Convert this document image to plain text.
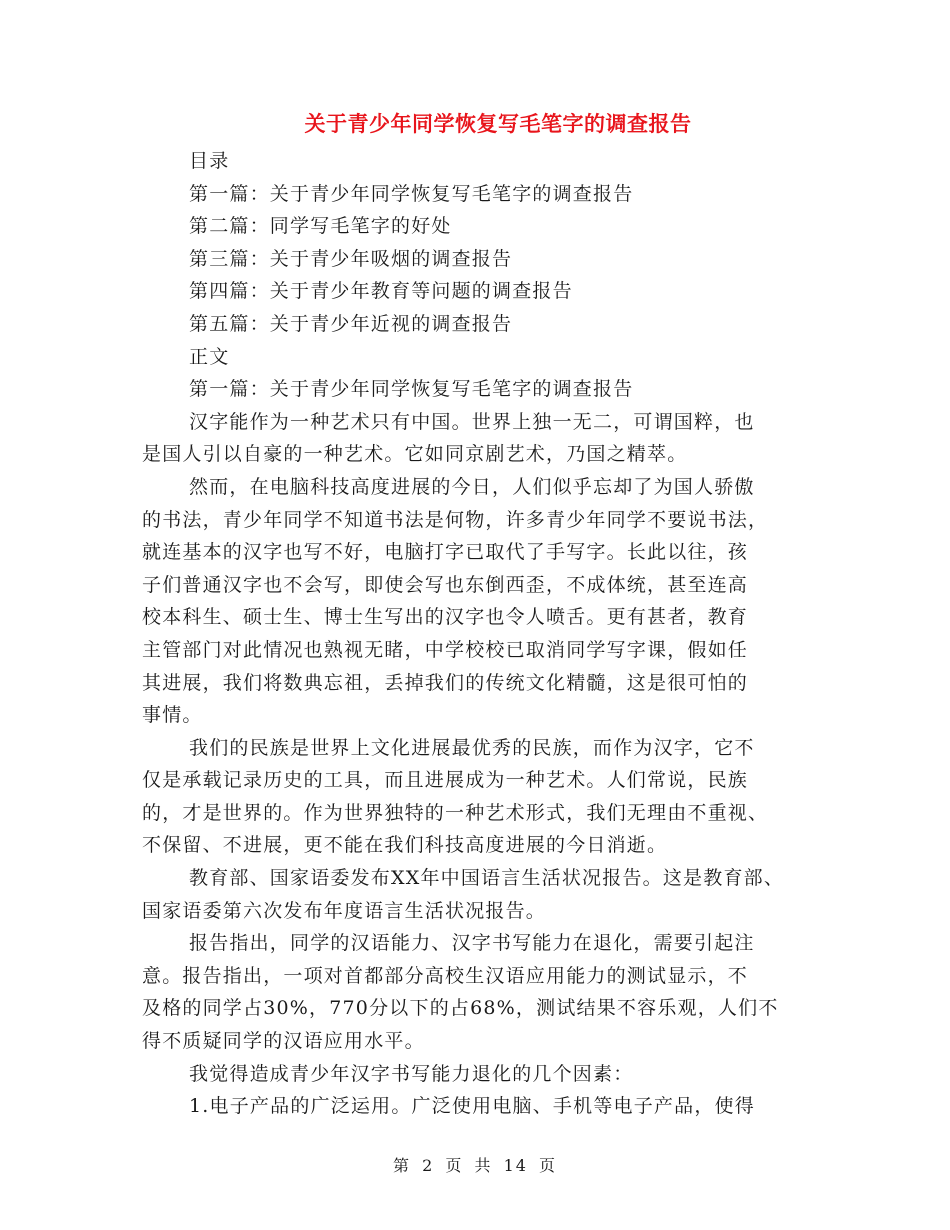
关于青少年同学恢复写毛笔字的调查报告
目录
第一篇：关于青少年同学恢复写毛笔字的调查报告
第二篇：同学写毛笔字的好处
第三篇：关于青少年吸烟的调查报告
第四篇：关于青少年教育等问题的调查报告
第五篇：关于青少年近视的调查报告
正文
第一篇：关于青少年同学恢复写毛笔字的调查报告
汉字能作为一种艺术只有中国。世界上独一无二，可谓国粹，也
是国人引以自豪的一种艺术。它如同京剧艺术，乃国之精萃。
然而，在电脑科技高度进展的今日，人们似乎忘却了为国人骄傲
的书法，青少年同学不知道书法是何物，许多青少年同学不要说书法，
就连基本的汉字也写不好，电脑打字已取代了手写字。长此以往，孩
子们普通汉字也不会写，即使会写也东倒西歪，不成体统，甚至连高
校本科生、硕士生、博士生写出的汉字也令人喷舌。更有甚者，教育
主管部门对此情况也熟视无睹，中学校校已取消同学写字课，假如任
其进展，我们将数典忘祖，丢掉我们的传统文化精髓，这是很可怕的
事情。
我们的民族是世界上文化进展最优秀的民族，而作为汉字，它不
仅是承载记录历史的工具，而且进展成为一种艺术。人们常说，民族
的，才是世界的。作为世界独特的一种艺术形式，我们无理由不重视、
不保留、不进展，更不能在我们科技高度进展的今日消逝。
教育部、国家语委发布XX年中国语言生活状况报告。这是教育部、
国家语委第六次发布年度语言生活状况报告。
报告指出，同学的汉语能力、汉字书写能力在退化，需要引起注
意。报告指出，一项对首都部分高校生汉语应用能力的测试显示，不
及格的同学占30%，770分以下的占68%，测试结果不容乐观，人们不
得不质疑同学的汉语应用水平。
我觉得造成青少年汉字书写能力退化的几个因素：
1.电子产品的广泛运用。广泛使用电脑、手机等电子产品，使得
第 2 页 共 14 页
